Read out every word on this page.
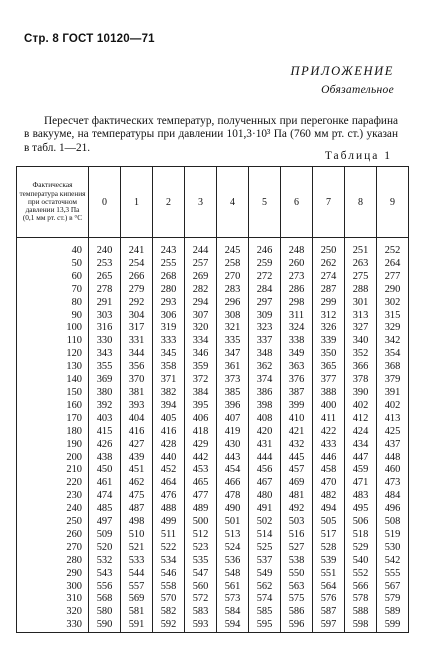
Стр. 8 ГОСТ 10120—71
ПРИЛОЖЕНИЕ
Обязательное
Пересчет фактических температур, полученных при перегонке парафина в вакууме, на температуры при давлении 101,3·10³ Па (760 мм рт. ст.) указан в табл. 1—21.
Таблица 1
Фактическая температура кипения при остаточном давлении 13,3 Па (0,1 мм рт. ст.) в °С	0	1	2	3	4	5	6	7	8	9

40	240	241	243	244	245	246	248	250	251	252
50	253	254	255	257	258	259	260	262	263	264
60	265	266	268	269	270	272	273	274	275	277
70	278	279	280	282	283	284	286	287	288	290
80	291	292	293	294	296	297	298	299	301	302
90	303	304	306	307	308	309	311	312	313	315
100	316	317	319	320	321	323	324	326	327	329
110	330	331	333	334	335	337	338	339	340	342
120	343	344	345	346	347	348	349	350	352	354
130	355	356	358	359	361	362	363	365	366	368
140	369	370	371	372	373	374	376	377	378	379
150	380	381	382	384	385	386	387	388	390	391
160	392	393	394	395	396	398	399	400	402	402
170	403	404	405	406	407	408	410	411	412	413
180	415	416	416	418	419	420	421	422	424	425
190	426	427	428	429	430	431	432	433	434	437
200	438	439	440	442	443	444	445	446	447	448
210	450	451	452	453	454	456	457	458	459	460
220	461	462	464	465	466	467	469	470	471	473
230	474	475	476	477	478	480	481	482	483	484
240	485	487	488	489	490	491	492	494	495	496
250	497	498	499	500	501	502	503	505	506	508
260	509	510	511	512	513	514	516	517	518	519
270	520	521	522	523	524	525	527	528	529	530
280	532	533	534	535	536	537	538	539	540	542
290	543	544	546	547	548	549	550	551	552	555
300	556	557	558	560	561	562	563	564	566	567
310	568	569	570	572	573	574	575	576	578	579
320	580	581	582	583	584	585	586	587	588	589
330	590	591	592	593	594	595	596	597	598	599
